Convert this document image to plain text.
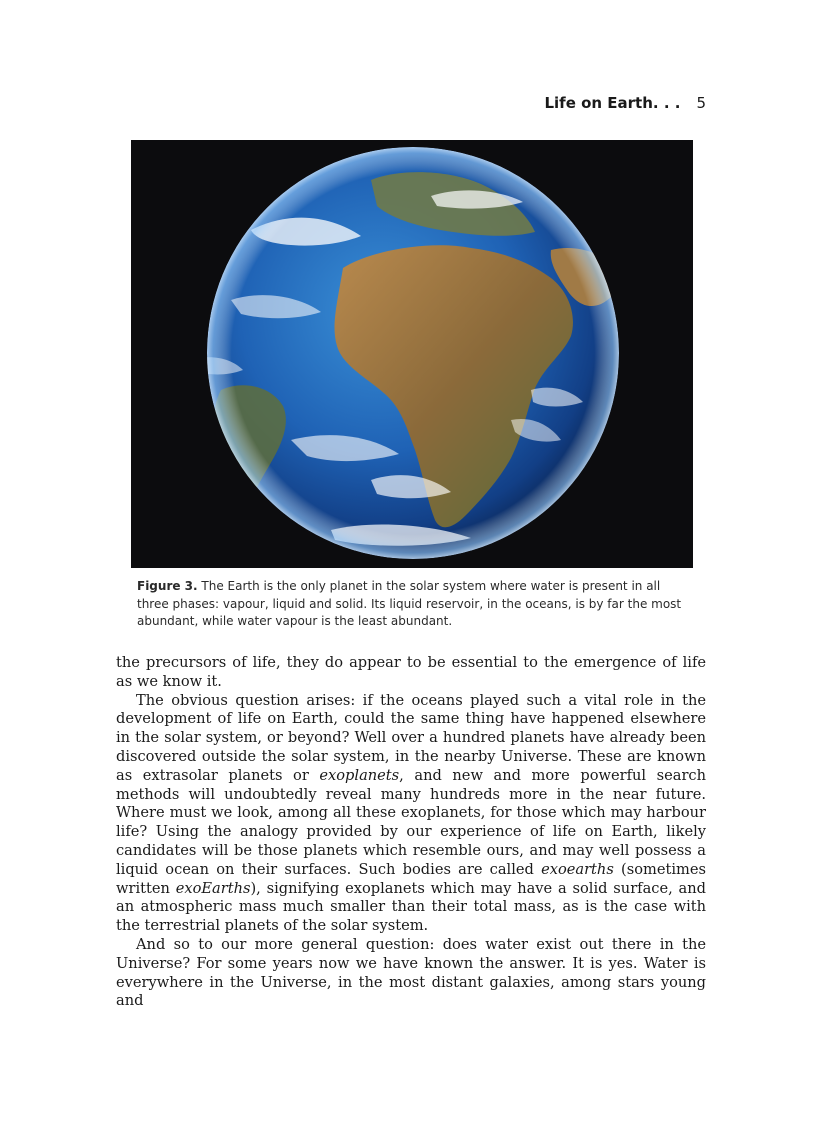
Life on Earth. . . 5
Figure 3. The Earth is the only planet in the solar system where water is present in all three phases: vapour, liquid and solid. Its liquid reservoir, in the oceans, is by far the most abundant, while water vapour is the least abundant.

the precursors of life, they do appear to be essential to the emergence of life as we know it.

The obvious question arises: if the oceans played such a vital role in the development of life on Earth, could the same thing have happened elsewhere in the solar system, or beyond? Well over a hundred planets have already been discovered outside the solar system, in the nearby Universe. These are known as extrasolar planets or exoplanets, and new and more powerful search methods will undoubtedly reveal many hundreds more in the near future. Where must we look, among all these exoplanets, for those which may harbour life? Using the analogy provided by our experience of life on Earth, likely candidates will be those planets which resemble ours, and may well possess a liquid ocean on their surfaces. Such bodies are called exoearths (sometimes written exoEarths), signifying exoplanets which may have a solid surface, and an atmospheric mass much smaller than their total mass, as is the case with the terrestrial planets of the solar system.

And so to our more general question: does water exist out there in the Universe? For some years now we have known the answer. It is yes. Water is everywhere in the Universe, in the most distant galaxies, among stars young and
